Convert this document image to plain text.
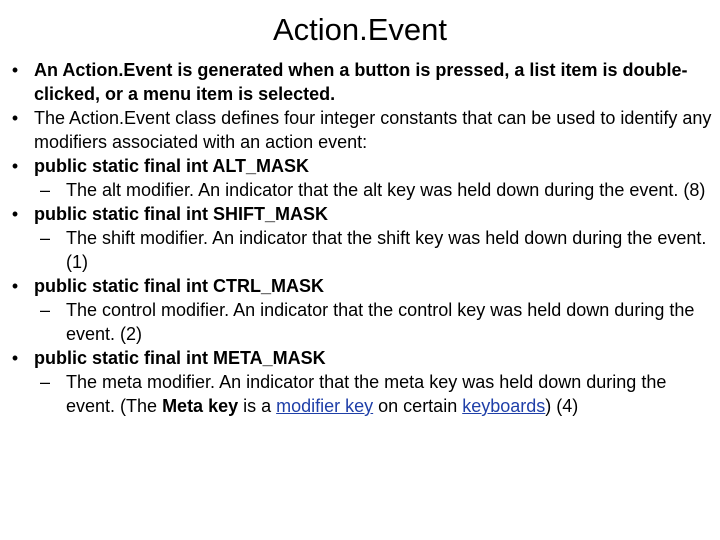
Action.Event
• An Action.Event is generated when a button is pressed, a list item is double-clicked, or a menu item is selected.
• The Action.Event class defines four integer constants that can be used to identify any modifiers associated with an action event:
• public static final int ALT_MASK
– The alt modifier. An indicator that the alt key was held down during the event. (8)
• public static final int SHIFT_MASK
– The shift modifier. An indicator that the shift key was held down during the event. (1)
• public static final int CTRL_MASK
– The control modifier. An indicator that the control key was held down during the event. (2)
• public static final int META_MASK
– The meta modifier. An indicator that the meta key was held down during the event. (The Meta key is a modifier key on certain keyboards) (4)
